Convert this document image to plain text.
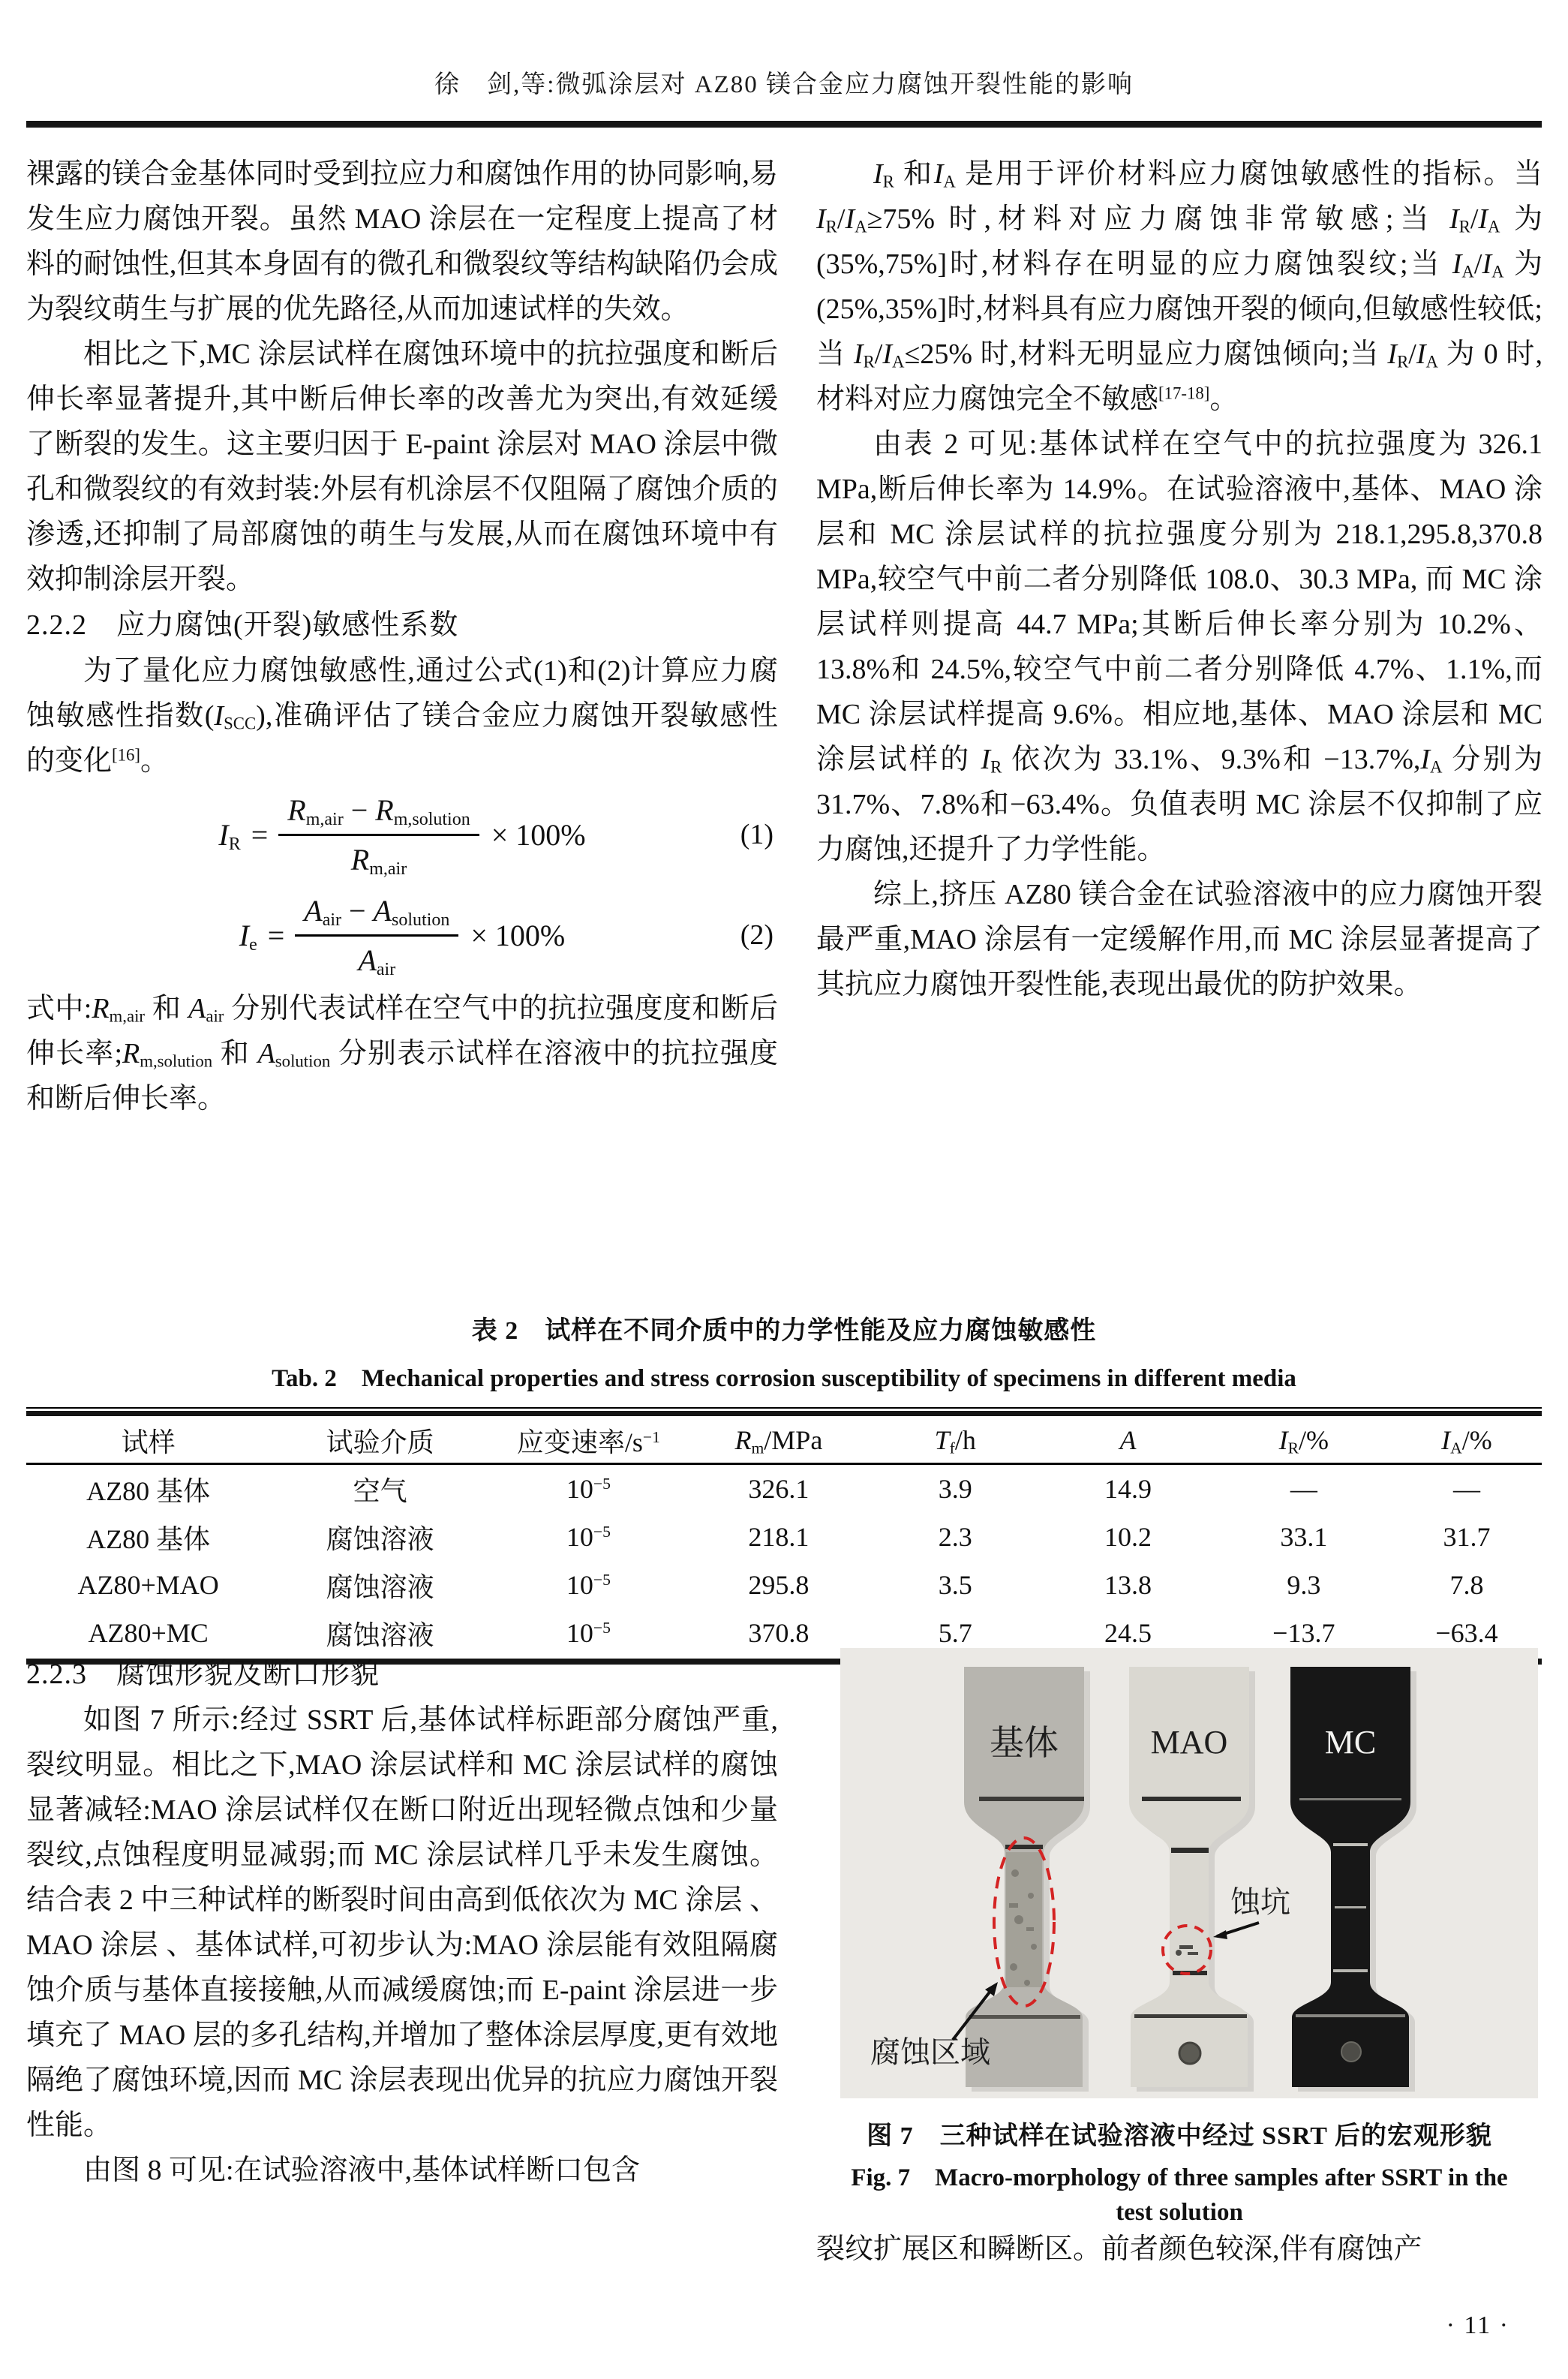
徐　剑,等:微弧涂层对 AZ80 镁合金应力腐蚀开裂性能的影响

裸露的镁合金基体同时受到拉应力和腐蚀作用的协同影响,易发生应力腐蚀开裂。虽然 MAO 涂层在一定程度上提高了材料的耐蚀性,但其本身固有的微孔和微裂纹等结构缺陷仍会成为裂纹萌生与扩展的优先路径,从而加速试样的失效。

相比之下,MC 涂层试样在腐蚀环境中的抗拉强度和断后伸长率显著提升,其中断后伸长率的改善尤为突出,有效延缓了断裂的发生。这主要归因于 E-paint 涂层对 MAO 涂层中微孔和微裂纹的有效封装:外层有机涂层不仅阻隔了腐蚀介质的渗透,还抑制了局部腐蚀的萌生与发展,从而在腐蚀环境中有效抑制涂层开裂。

2.2.2　应力腐蚀(开裂)敏感性系数

为了量化应力腐蚀敏感性,通过公式(1)和(2)计算应力腐蚀敏感性指数$(I_{SCC})$,准确评估了镁合金应力腐蚀开裂敏感性的变化[16]。

$I_R = \frac{R_{m,air} - R_{m,solution}}{R_{m,air}} \times 100\%$	(1)
$I_e = \frac{A_{air} - A_{solution}}{A_{air}} \times 100\%$	(2)

式中$:R_{m,air}$ 和 $A_{air}$ 分别代表试样在空气中的抗拉强度度和断后伸长率$;R_{m,solution}$ 和 $A_{solution}$ 分别表示试样在溶液中的抗拉强度和断后伸长率。

$I_R$ 和$I_A$ 是用于评价材料应力腐蚀敏感性的指标。当 $I_R/I_A\ge 75\%$ 时,材料对应力腐蚀非常敏感;当 $I_R/I_A$ 为(35%,75%]时,材料存在明显的应力腐蚀裂纹;当 $I_A/I_A$ 为(25%,35%]时,材料具有应力腐蚀开裂的倾向,但敏感性较低;当 $I_R/I_A\le 25\%$ 时,材料无明显应力腐蚀倾向;当 $I_R/I_A$ 为 0 时,材料对应力腐蚀完全不敏感[17-18]。

由表 2 可见:基体试样在空气中的抗拉强度为 326.1 MPa,断后伸长率为 14.9%。在试验溶液中,基体、MAO 涂层和 MC 涂层试样的抗拉强度分别为 218.1,295.8,370.8 MPa,较空气中前二者分别降低 108.0、30.3 MPa, 而 MC 涂层试样则提高 44.7 MPa;其断后伸长率分别为 10.2%、13.8%和 24.5%,较空气中前二者分别降低 4.7%、1.1%,而 MC 涂层试样提高 9.6%。相应地,基体、MAO 涂层和 MC 涂层试样的 $I_R$ 依次为 33.1%、9.3%和 $-13.7\%,I_A$ 分别为 31.7%、7.8%和−63.4%。负值表明 MC 涂层不仅抑制了应力腐蚀,还提升了力学性能。

综上,挤压 AZ80 镁合金在试验溶液中的应力腐蚀开裂最严重,MAO 涂层有一定缓解作用,而 MC 涂层显著提高了其抗应力腐蚀开裂性能,表现出最优的防护效果。

表 2　试样在不同介质中的力学性能及应力腐蚀敏感性

Tab. 2　Mechanical properties and stress corrosion susceptibility of specimens in different media

试样	试验介质	应变速率$/s^{-1}$	$R_m$/MPa	$T_f/h$	A	$I_R/\%$	$I_A/\%$
AZ80 基体	空气	$10^{-5}$	326.1	3.9	14.9	—	—
AZ80 基体	腐蚀溶液	$10^{-5}$	218.1	2.3	10.2	33.1	31.7
AZ80+MAO	腐蚀溶液	$10^{-5}$	295.8	3.5	13.8	9.3	7.8
AZ80+MC	腐蚀溶液	$10^{-5}$	370.8	5.7	24.5	−13.7	−63.4

2.2.3　腐蚀形貌及断口形貌

如图 7 所示:经过 SSRT 后,基体试样标距部分腐蚀严重,裂纹明显。相比之下,MAO 涂层试样和 MC 涂层试样的腐蚀显著减轻:MAO 涂层试样仅在断口附近出现轻微点蚀和少量裂纹,点蚀程度明显减弱;而 MC 涂层试样几乎未发生腐蚀。结合表 2 中三种试样的断裂时间由高到低依次为 MC 涂层 、MAO 涂层 、基体试样,可初步认为:MAO 涂层能有效阻隔腐蚀介质与基体直接接触,从而减缓腐蚀;而 E-paint 涂层进一步填充了 MAO 层的多孔结构,并增加了整体涂层厚度,更有效地隔绝了腐蚀环境,因而 MC 涂层表现出优异的抗应力腐蚀开裂性能。

由图 8 可见:在试验溶液中,基体试样断口包含

基体	MAO	MC
蚀坑
腐蚀区域

图 7　三种试样在试验溶液中经过 SSRT 后的宏观形貌

Fig. 7　Macro-morphology of three samples after SSRT in the

test solution

裂纹扩展区和瞬断区。前者颜色较深,伴有腐蚀产

· 11 ·
